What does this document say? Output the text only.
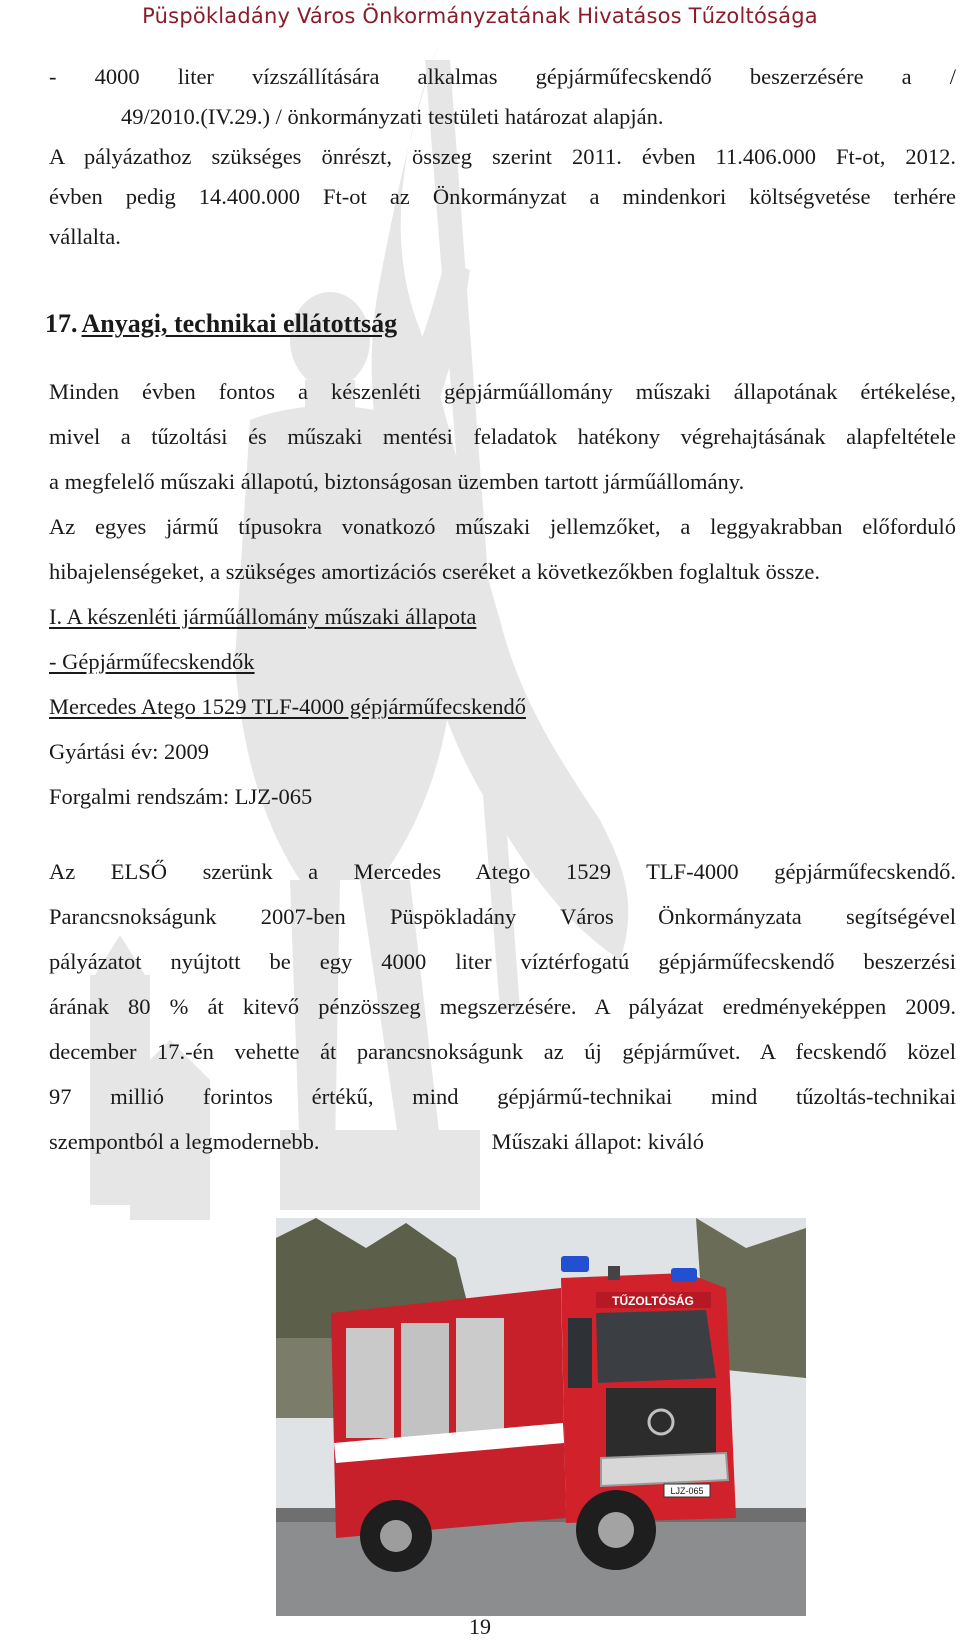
Püspökladány Város Önkormányzatának Hivatásos Tűzoltósága

- 4000 liter vízszállítására alkalmas gépjárműfecskendő beszerzésére a /

49/2010.(IV.29.) / önkormányzati testületi határozat alapján.

A pályázathoz szükséges önrészt, összeg szerint 2011. évben 11.406.000 Ft-ot, 2012.

évben pedig 14.400.000 Ft-ot az Önkormányzat a mindenkori költségvetése terhére

vállalta.

17. Anyagi, technikai ellátottság

Minden évben fontos a készenléti gépjárműállomány műszaki állapotának értékelése,

mivel a tűzoltási és műszaki mentési feladatok hatékony végrehajtásának alapfeltétele

a megfelelő műszaki állapotú, biztonságosan üzemben tartott járműállomány.

Az egyes jármű típusokra vonatkozó műszaki jellemzőket, a leggyakrabban előforduló

hibajelenségeket, a szükséges amortizációs cseréket a következőkben foglaltuk össze.

I. A készenléti járműállomány műszaki állapota

- Gépjárműfecskendők

Mercedes Atego 1529 TLF-4000 gépjárműfecskendő

Gyártási év: 2009

Forgalmi rendszám: LJZ-065

Az ELSŐ szerünk a Mercedes Atego 1529 TLF-4000 gépjárműfecskendő.

Parancsnokságunk 2007-ben Püspökladány Város Önkormányzata segítségével

pályázatot nyújtott be egy 4000 liter víztérfogatú gépjárműfecskendő beszerzési

árának 80 % át kitevő pénzösszeg megszerzésére. A pályázat eredményeképpen 2009.

december 17.-én vehette át parancsnokságunk az új gépjárművet. A fecskendő közel

97 millió forintos értékű, mind gépjármű-technikai mind tűzoltás-technikai

szempontból a legmodernebb.	Műszaki állapot: kiváló

TŰZOLTÓSÁG
LJZ-065
19
